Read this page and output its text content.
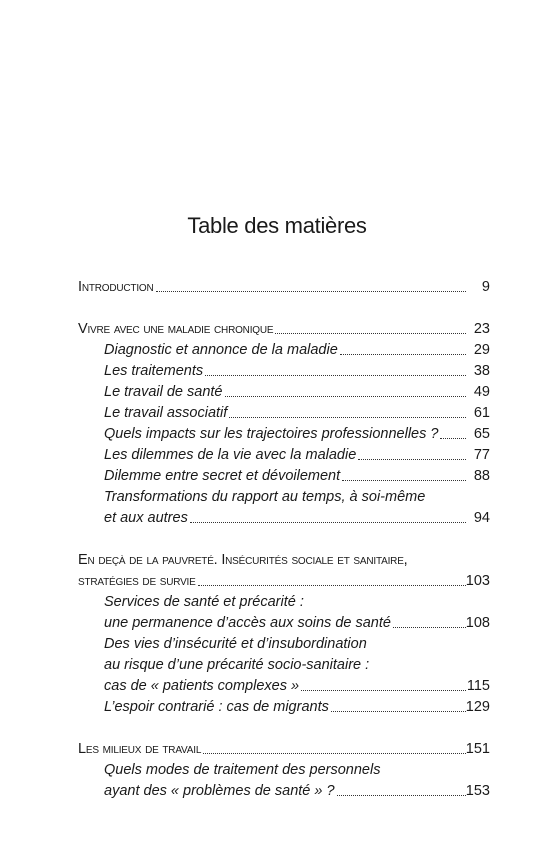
Table des matières
Introduction	9
Vivre avec une maladie chronique	23
Diagnostic et annonce de la maladie	29
Les traitements	38
Le travail de santé	49
Le travail associatif	61
Quels impacts sur les trajectoires professionnelles ? 65
Les dilemmes de la vie avec la maladie	77
Dilemme entre secret et dévoilement	88
Transformations du rapport au temps, à soi-même
et aux autres	94
En deçà de la pauvreté. Insécurités sociale et sanitaire,
stratégies de survie	103
Services de santé et précarité :
une permanence d’accès aux soins de santé	108
Des vies d’insécurité et d’insubordination
au risque d’une précarité socio-sanitaire :
cas de « patients complexes »	115
L’espoir contrarié : cas de migrants	129
Les milieux de travail	151
Quels modes de traitement des personnels
ayant des « problèmes de santé » ?	153
